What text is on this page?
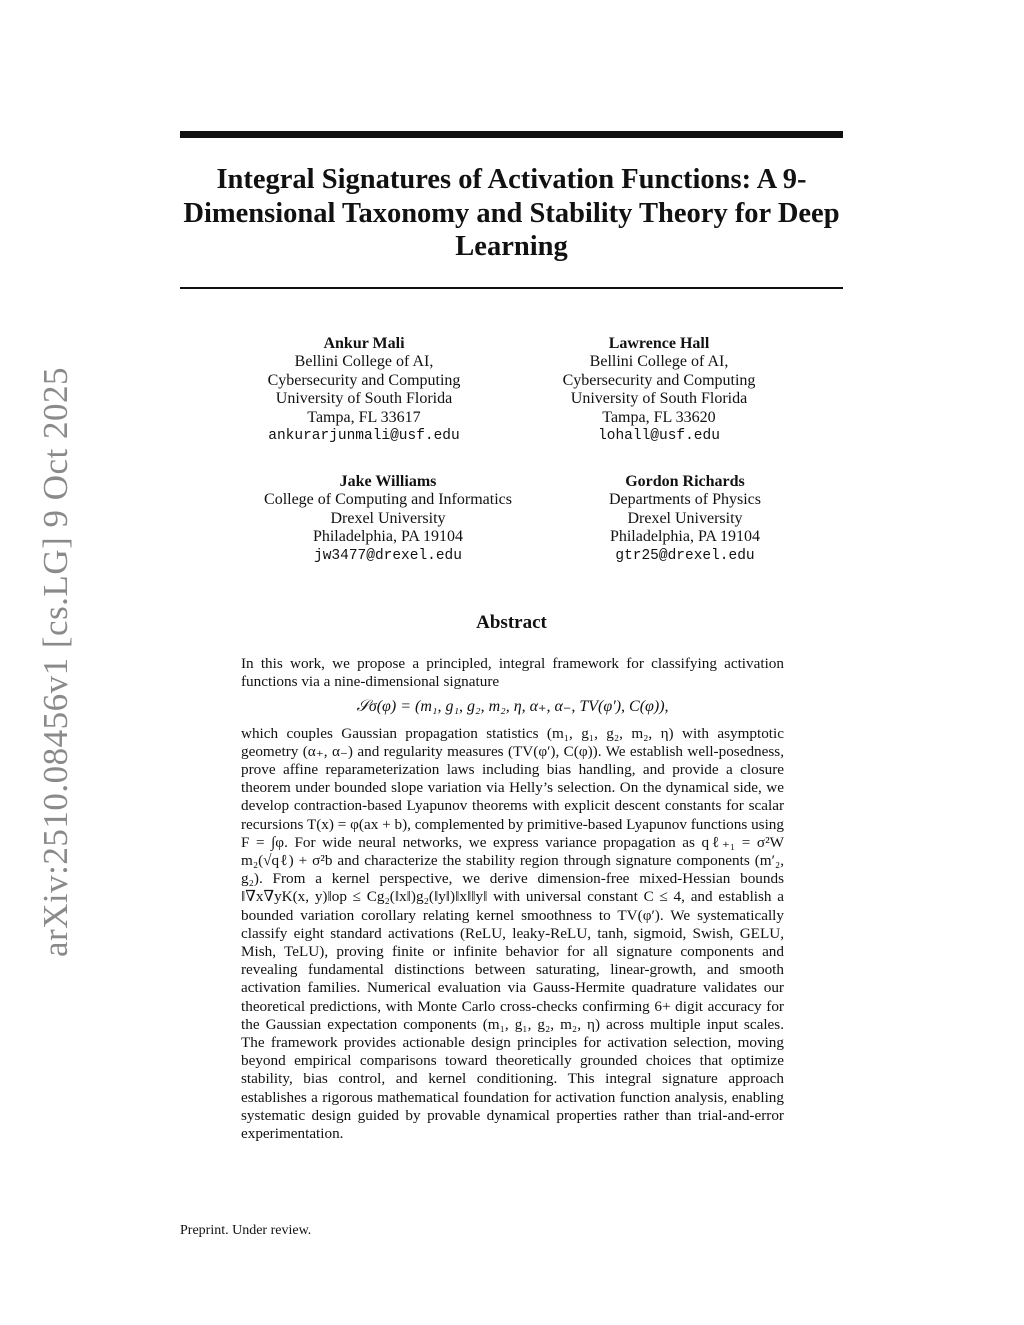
arXiv:2510.08456v1 [cs.LG] 9 Oct 2025
Integral Signatures of Activation Functions: A 9-Dimensional Taxonomy and Stability Theory for Deep Learning
Ankur Mali
Bellini College of AI,
Cybersecurity and Computing
University of South Florida
Tampa, FL 33617
ankurarjunmali@usf.edu
Lawrence Hall
Bellini College of AI,
Cybersecurity and Computing
University of South Florida
Tampa, FL 33620
lohall@usf.edu
Jake Williams
College of Computing and Informatics
Drexel University
Philadelphia, PA 19104
jw3477@drexel.edu
Gordon Richards
Departments of Physics
Drexel University
Philadelphia, PA 19104
gtr25@drexel.edu
Abstract

In this work, we propose a principled, integral framework for classifying activation functions via a nine-dimensional signature

𝒮σ(φ) = (m₁, g₁, g₂, m₂, η, α₊, α₋, TV(φ′), C(φ)),

which couples Gaussian propagation statistics (m₁, g₁, g₂, m₂, η) with asymptotic geometry (α₊, α₋) and regularity measures (TV(φ′), C(φ)). We establish well-posedness, prove affine reparameterization laws including bias handling, and provide a closure theorem under bounded slope variation via Helly’s selection. On the dynamical side, we develop contraction-based Lyapunov theorems with explicit descent constants for scalar recursions T(x) = φ(ax + b), complemented by primitive-based Lyapunov functions using F = ∫φ. For wide neural networks, we express variance propagation as qℓ₊₁ = σ²W m₂(√qℓ) + σ²b and characterize the stability region through signature components (m′₂, g₂). From a kernel perspective, we derive dimension-free mixed-Hessian bounds ‖∇x∇yK(x, y)‖op ≤ Cg₂(‖x‖)g₂(‖y‖)‖x‖‖y‖ with universal constant C ≤ 4, and establish a bounded variation corollary relating kernel smoothness to TV(φ′). We systematically classify eight standard activations (ReLU, leaky-ReLU, tanh, sigmoid, Swish, GELU, Mish, TeLU), proving finite or infinite behavior for all signature components and revealing fundamental distinctions between saturating, linear-growth, and smooth activation families. Numerical evaluation via Gauss-Hermite quadrature validates our theoretical predictions, with Monte Carlo cross-checks confirming 6+ digit accuracy for the Gaussian expectation components (m₁, g₁, g₂, m₂, η) across multiple input scales. The framework provides actionable design principles for activation selection, moving beyond empirical comparisons toward theoretically grounded choices that optimize stability, bias control, and kernel conditioning. This integral signature approach establishes a rigorous mathematical foundation for activation function analysis, enabling systematic design guided by provable dynamical properties rather than trial-and-error experimentation.

Preprint. Under review.
